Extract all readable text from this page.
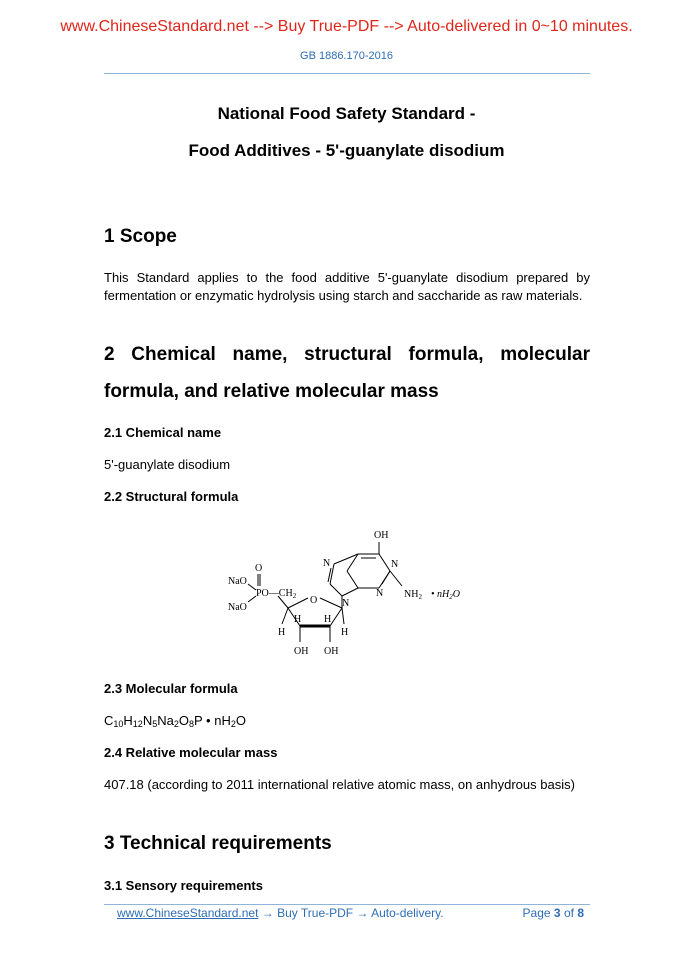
www.ChineseStandard.net --> Buy True-PDF --> Auto-delivered in 0~10 minutes.
GB 1886.170-2016
National Food Safety Standard -
Food Additives - 5'-guanylate disodium
1 Scope
This Standard applies to the food additive 5'-guanylate disodium prepared by fermentation or enzymatic hydrolysis using starch and saccharide as raw materials.
2 Chemical name, structural formula, molecular
formula, and relative molecular mass
2.1 Chemical name
5'-guanylate disodium
2.2 Structural formula
OH
N	N
N
N
$NH_2$ • $nH_2O$
O
NaO
NaO
$PO—CH_2$ O
H H
H	H
OH OH
2.3 Molecular formula
$C_{10}H_{12}N_5Na_2O_8P$ • $nH_2O$
2.4 Relative molecular mass
407.18 (according to 2011 international relative atomic mass, on anhydrous basis)
3 Technical requirements
3.1 Sensory requirements
www.ChineseStandard.net → Buy True-PDF → Auto-delivery.	Page 3 of 8
